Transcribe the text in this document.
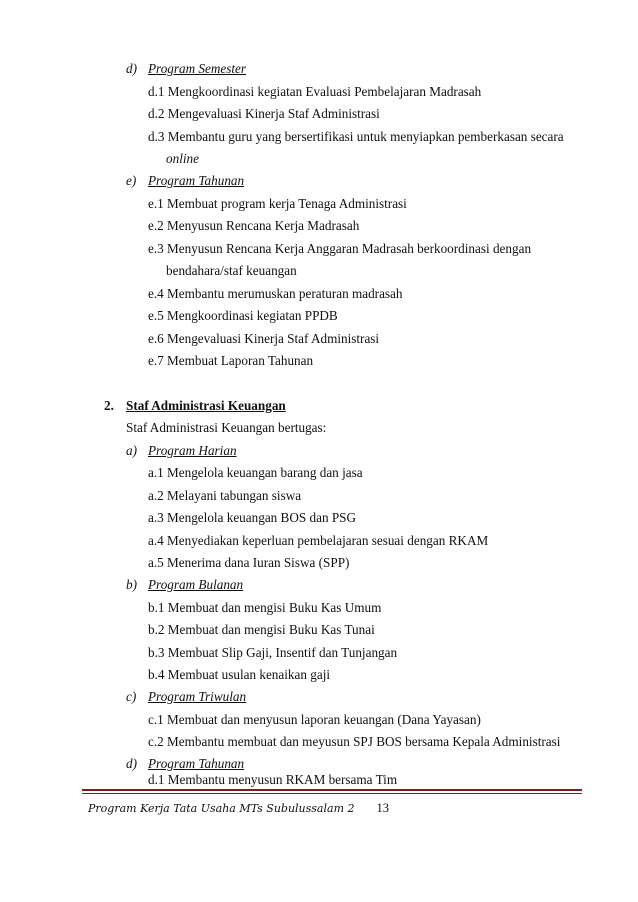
d) Program Semester
d.1 Mengkoordinasi kegiatan Evaluasi Pembelajaran Madrasah
d.2 Mengevaluasi Kinerja Staf Administrasi
d.3 Membantu guru yang bersertifikasi untuk menyiapkan pemberkasan secara
online
e) Program Tahunan
e.1 Membuat program kerja Tenaga Administrasi
e.2 Menyusun Rencana Kerja Madrasah
e.3 Menyusun Rencana Kerja Anggaran Madrasah berkoordinasi dengan
bendahara/staf keuangan
e.4 Membantu merumuskan peraturan madrasah
e.5 Mengkoordinasi kegiatan PPDB
e.6 Mengevaluasi Kinerja Staf Administrasi
e.7 Membuat Laporan Tahunan
2. Staf Administrasi Keuangan
Staf Administrasi Keuangan bertugas:
a) Program Harian
a.1 Mengelola keuangan barang dan jasa
a.2 Melayani tabungan siswa
a.3 Mengelola keuangan BOS dan PSG
a.4 Menyediakan keperluan pembelajaran sesuai dengan RKAM
a.5 Menerima dana Iuran Siswa (SPP)
b) Program Bulanan
b.1 Membuat dan mengisi Buku Kas Umum
b.2 Membuat dan mengisi Buku Kas Tunai
b.3 Membuat Slip Gaji, Insentif dan Tunjangan
b.4 Membuat usulan kenaikan gaji
c) Program Triwulan
c.1 Membuat dan menyusun laporan keuangan (Dana Yayasan)
c.2 Membantu membuat dan meyusun SPJ BOS bersama Kepala Administrasi
d) Program Tahunan
d.1 Membantu menyusun RKAM bersama Tim
Program Kerja Tata Usaha MTs Subulussalam 2 13
